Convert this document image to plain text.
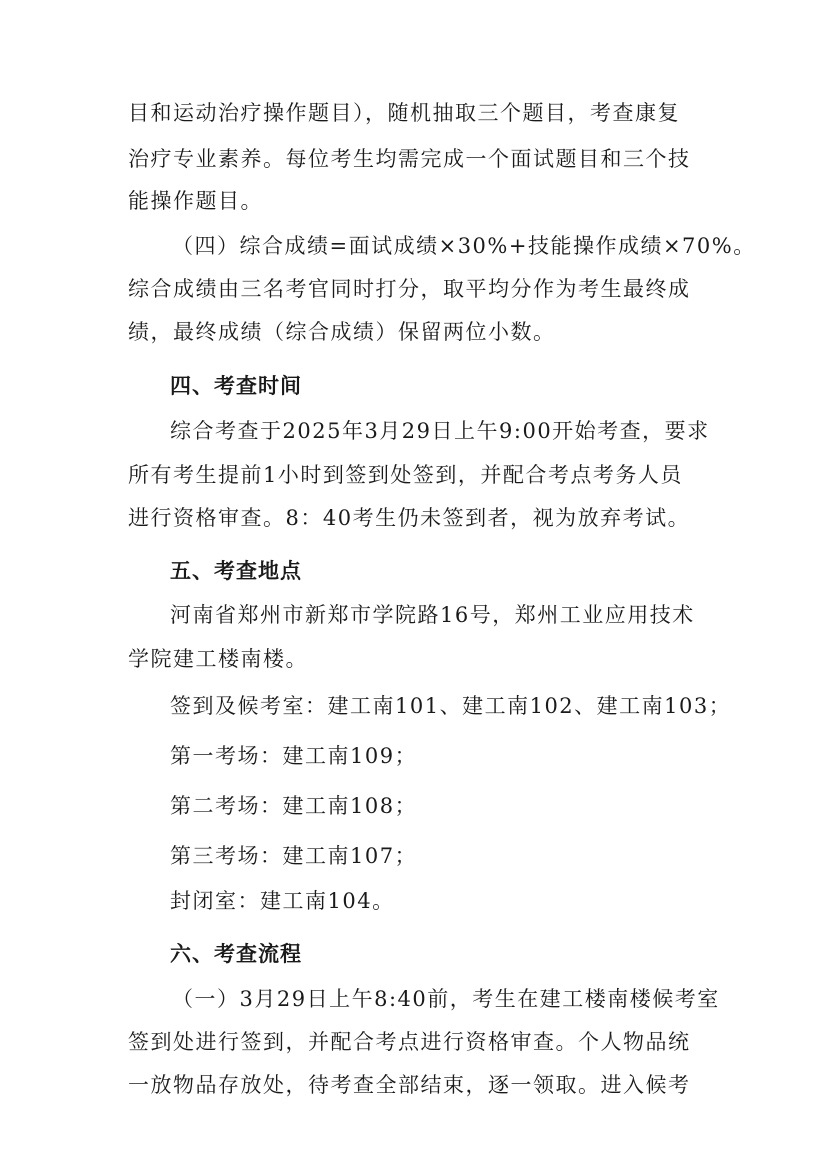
目和运动治疗操作题目），随机抽取三个题目，考查康复
治疗专业素养。每位考生均需完成一个面试题目和三个技
能操作题目。
（四）综合成绩=面试成绩×30%+技能操作成绩×70%。
综合成绩由三名考官同时打分，取平均分作为考生最终成
绩，最终成绩（综合成绩）保留两位小数。
四、考查时间
综合考查于2025年3月29日上午9:00开始考查，要求
所有考生提前1小时到签到处签到，并配合考点考务人员
进行资格审查。8：40考生仍未签到者，视为放弃考试。
五、考查地点
河南省郑州市新郑市学院路16号，郑州工业应用技术
学院建工楼南楼。
签到及候考室：建工南101、建工南102、建工南103；
第一考场：建工南109；
第二考场：建工南108；
第三考场：建工南107；
封闭室：建工南104。
六、考查流程
（一）3月29日上午8:40前，考生在建工楼南楼候考室
签到处进行签到，并配合考点进行资格审查。个人物品统
一放物品存放处，待考查全部结束，逐一领取。进入候考
